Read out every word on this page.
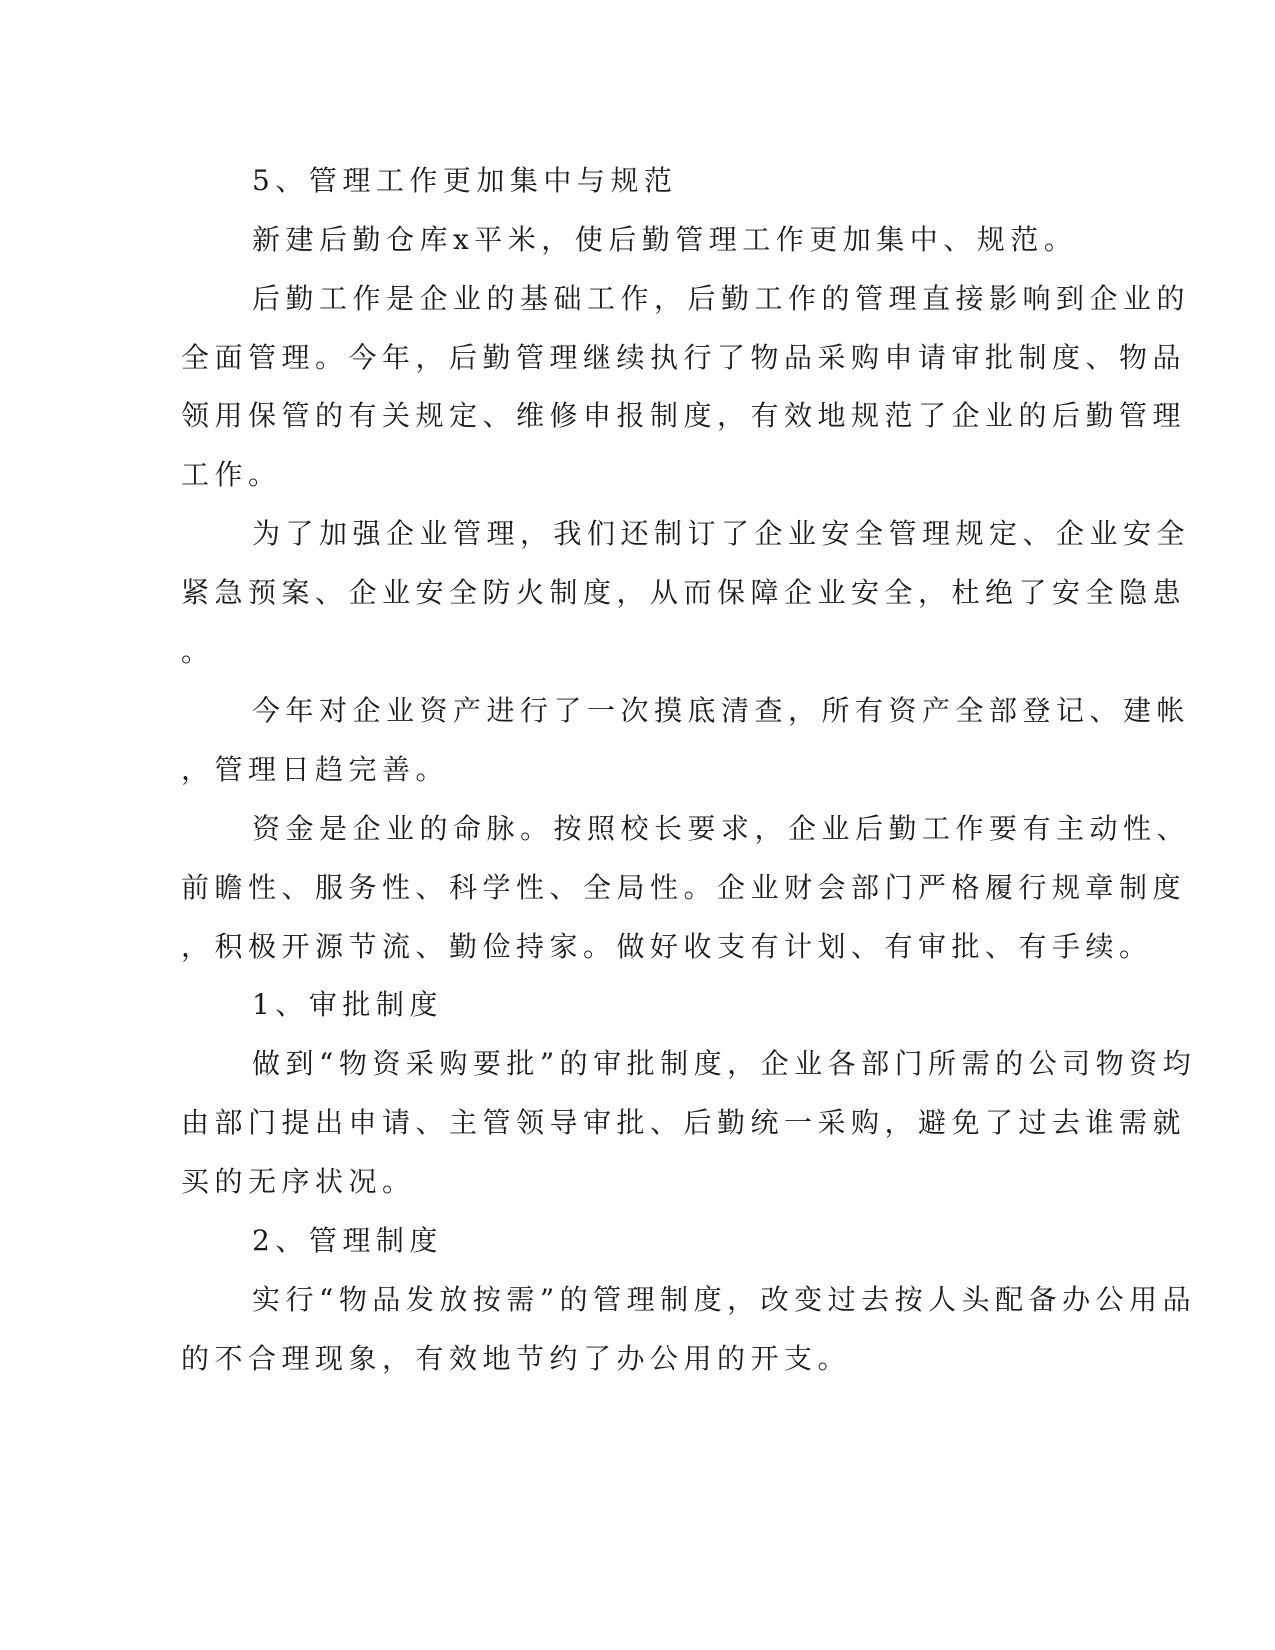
5、管理工作更加集中与规范

新建后勤仓库x平米，使后勤管理工作更加集中、规范。

后勤工作是企业的基础工作，后勤工作的管理直接影响到企业的

全面管理。今年，后勤管理继续执行了物品采购申请审批制度、物品

领用保管的有关规定、维修申报制度，有效地规范了企业的后勤管理

工作。

为了加强企业管理，我们还制订了企业安全管理规定、企业安全

紧急预案、企业安全防火制度，从而保障企业安全，杜绝了安全隐患

。

今年对企业资产进行了一次摸底清查，所有资产全部登记、建帐

，管理日趋完善。

资金是企业的命脉。按照校长要求，企业后勤工作要有主动性、

前瞻性、服务性、科学性、全局性。企业财会部门严格履行规章制度

，积极开源节流、勤俭持家。做好收支有计划、有审批、有手续。

1、审批制度

做到“物资采购要批”的审批制度，企业各部门所需的公司物资均

由部门提出申请、主管领导审批、后勤统一采购，避免了过去谁需就

买的无序状况。

2、管理制度

实行“物品发放按需”的管理制度，改变过去按人头配备办公用品

的不合理现象，有效地节约了办公用的开支。
